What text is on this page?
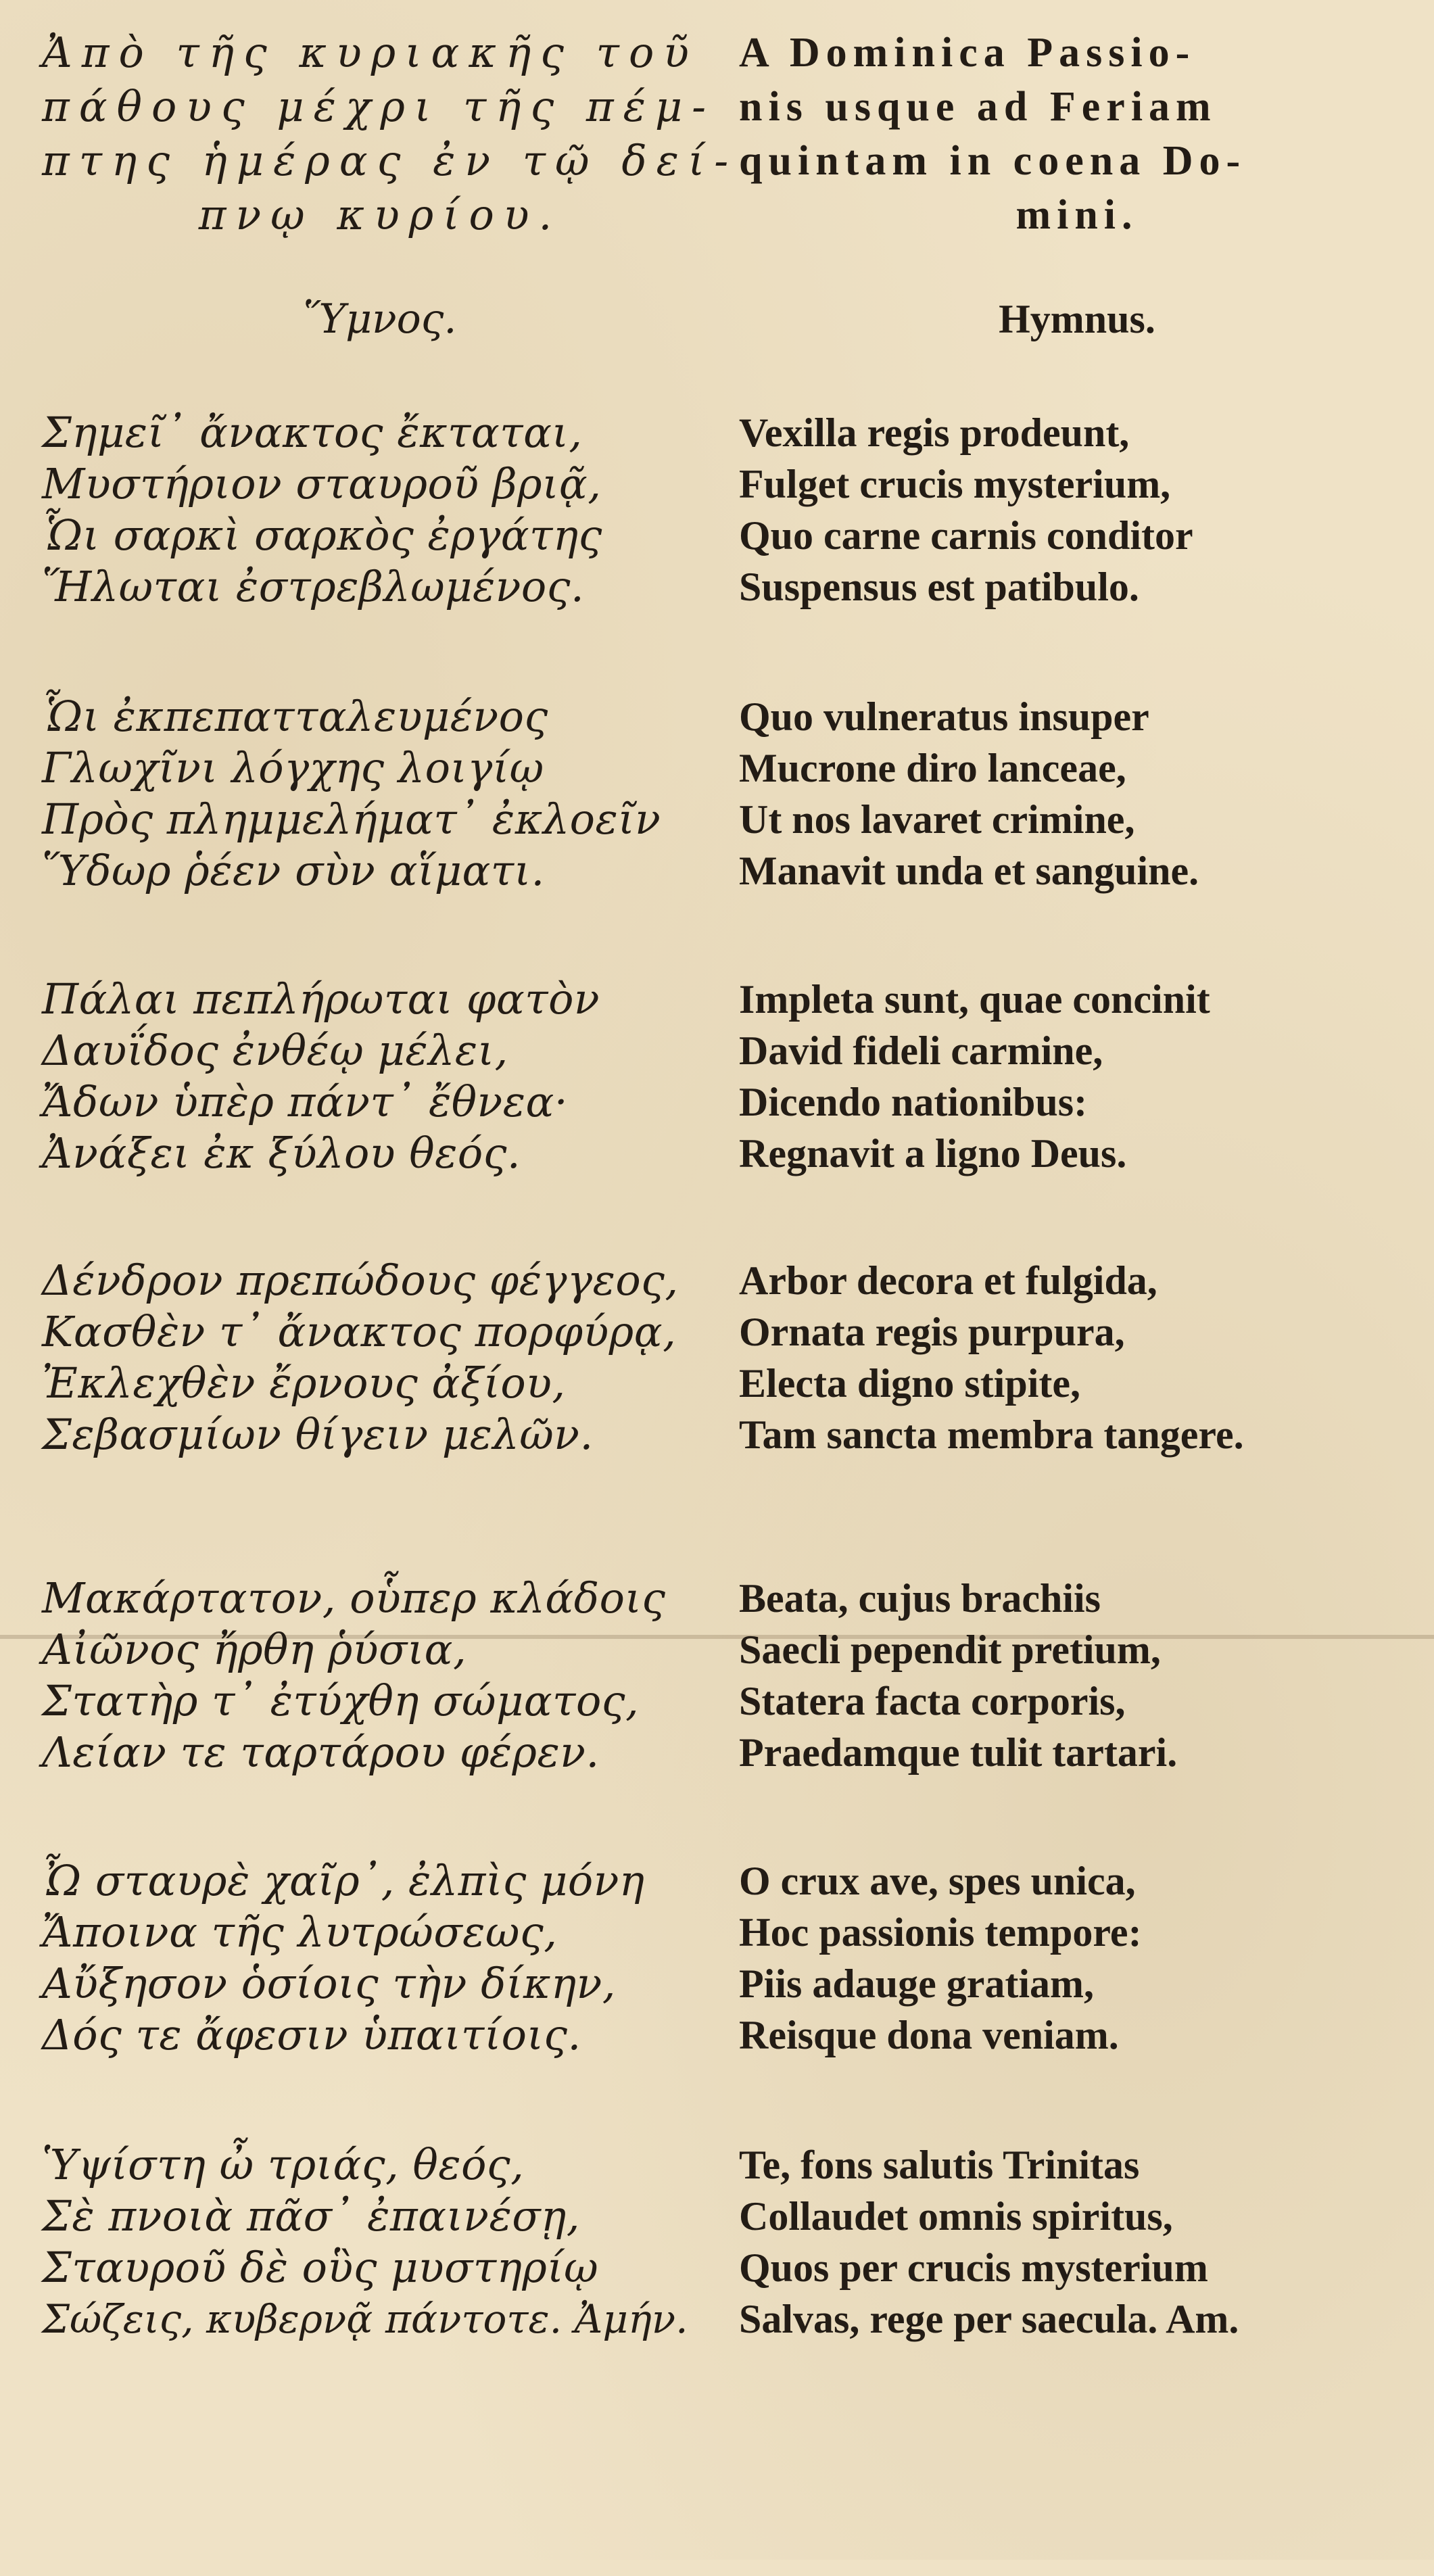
Ἀπὸ τῆς κυριακῆς τοῦ
πάθους μέχρι τῆς πέμ-
πτης ἡμέρας ἐν τῷ δεί-
πνῳ κυρίου.
Ὕμνος.
Σημεῖ᾽ ἄνακτος ἔκταται,
Μυστήριον σταυροῦ βριᾷ,
Ὧι σαρκὶ σαρκὸς ἐργάτης
Ἥλωται ἐστρεβλωμένος.
Ὧι ἐκπεπατταλευμένος
Γλωχῖνι λόγχης λοιγίῳ
Πρὸς πλημμελήματ᾽ ἐκλοεῖν
Ὕδωρ ῥέεν σὺν αἵματι.
Πάλαι πεπλήρωται φατὸν
Δαυΐδος ἐνθέῳ μέλει,
Ἄδων ὑπὲρ πάντ᾽ ἔθνεα·
Ἀνάξει ἐκ ξύλου θεός.
Δένδρον πρεπώδους φέγγεος,
Κασθὲν τ᾽ ἄνακτος πορφύρᾳ,
Ἐκλεχθὲν ἔρνους ἀξίου,
Σεβασμίων θίγειν μελῶν.
Μακάρτατον, οὗπερ κλάδοις
Αἰῶνος ἤρθη ῥύσια,
Στατὴρ τ᾽ ἐτύχθη σώματος,
Λείαν τε ταρτάρου φέρεν.
Ὦ σταυρὲ χαῖρ᾽, ἐλπὶς μόνη
Ἄποινα τῆς λυτρώσεως,
Αὔξησον ὁσίοις τὴν δίκην,
Δός τε ἄφεσιν ὑπαιτίοις.
Ὑψίστη ὦ τριάς, θεός,
Σὲ πνοιὰ πᾶσ᾽ ἐπαινέσῃ,
Σταυροῦ δὲ οὓς μυστηρίῳ
Σώζεις, κυβερνᾷ πάντοτε. Ἀμήν.
A Dominica Passio-
nis usque ad Feriam
quintam in coena Do-
mini.
Hymnus.
Vexilla regis prodeunt,
Fulget crucis mysterium,
Quo carne carnis conditor
Suspensus est patibulo.
Quo vulneratus insuper
Mucrone diro lanceae,
Ut nos lavaret crimine,
Manavit unda et sanguine.
Impleta sunt, quae concinit
David fideli carmine,
Dicendo nationibus:
Regnavit a ligno Deus.
Arbor decora et fulgida,
Ornata regis purpura,
Electa digno stipite,
Tam sancta membra tangere.
Beata, cujus brachiis
Saecli pependit pretium,
Statera facta corporis,
Praedamque tulit tartari.
O crux ave, spes unica,
Hoc passionis tempore:
Piis adauge gratiam,
Reisque dona veniam.
Te, fons salutis Trinitas
Collaudet omnis spiritus,
Quos per crucis mysterium
Salvas, rege per saecula. Am.
